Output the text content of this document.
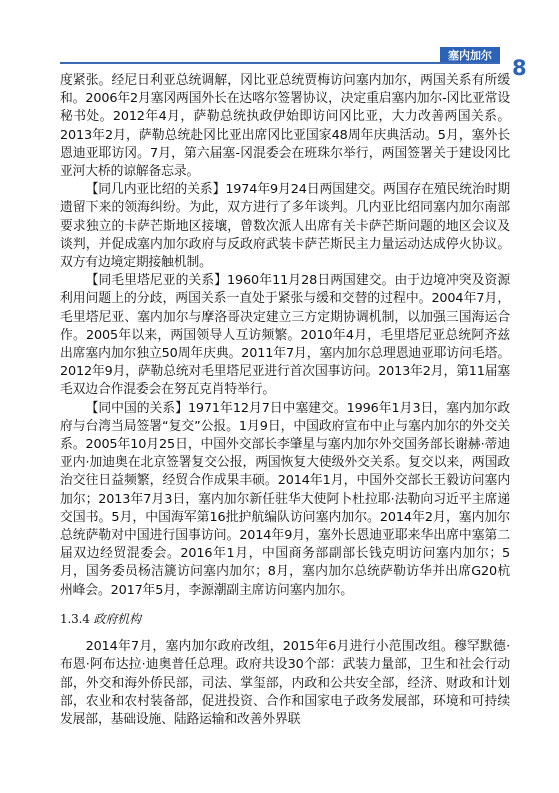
塞内加尔
8

度紧张。经尼日利亚总统调解，冈比亚总统贾梅访问塞内加尔，两国关系有所缓和。2006年2月塞冈两国外长在达喀尔签署协议，决定重启塞内加尔-冈比亚常设秘书处。2012年4月，萨勒总统执政伊始即访问冈比亚，大力改善两国关系。2013年2月，萨勒总统赴冈比亚出席冈比亚国家48周年庆典活动。5月，塞外长恩迪亚耶访冈。7月，第六届塞-冈混委会在班珠尔举行，两国签署关于建设冈比亚河大桥的谅解备忘录。

【同几内亚比绍的关系】1974年9月24日两国建交。两国存在殖民统治时期遗留下来的领海纠纷。为此，双方进行了多年谈判。几内亚比绍同塞内加尔南部要求独立的卡萨芒斯地区接壤，曾数次派人出席有关卡萨芒斯问题的地区会议及谈判，并促成塞内加尔政府与反政府武装卡萨芒斯民主力量运动达成停火协议。双方有边境定期接触机制。

【同毛里塔尼亚的关系】1960年11月28日两国建交。由于边境冲突及资源利用问题上的分歧，两国关系一直处于紧张与缓和交替的过程中。2004年7月，毛里塔尼亚、塞内加尔与摩洛哥决定建立三方定期协调机制，以加强三国海运合作。2005年以来，两国领导人互访频繁。2010年4月，毛里塔尼亚总统阿齐兹出席塞内加尔独立50周年庆典。2011年7月，塞内加尔总理恩迪亚耶访问毛塔。2012年9月，萨勒总统对毛里塔尼亚进行首次国事访问。2013年2月，第11届塞毛双边合作混委会在努瓦克肖特举行。

【同中国的关系】1971年12月7日中塞建交。1996年1月3日，塞内加尔政府与台湾当局签署“复交”公报。1月9日，中国政府宣布中止与塞内加尔的外交关系。2005年10月25日，中国外交部长李肇星与塞内加尔外交国务部长谢赫·蒂迪亚内·加迪奥在北京签署复交公报，两国恢复大使级外交关系。复交以来，两国政治交往日益频繁，经贸合作成果丰硕。2014年1月，中国外交部长王毅访问塞内加尔；2013年7月3日，塞内加尔新任驻华大使阿卜杜拉耶·法勒向习近平主席递交国书。5月，中国海军第16批护航编队访问塞内加尔。2014年2月，塞内加尔总统萨勒对中国进行国事访问。2014年9月，塞外长恩迪亚耶来华出席中塞第二届双边经贸混委会。2016年1月，中国商务部副部长钱克明访问塞内加尔；5月，国务委员杨洁篪访问塞内加尔；8月，塞内加尔总统萨勒访华并出席G20杭州峰会。2017年5月，李源潮副主席访问塞内加尔。

1.3.4 政府机构

2014年7月，塞内加尔政府改组，2015年6月进行小范围改组。穆罕默德·布恩·阿布达拉·迪奥普任总理。政府共设30个部：武装力量部，卫生和社会行动部，外交和海外侨民部，司法、掌玺部，内政和公共安全部，经济、财政和计划部，农业和农村装备部，促进投资、合作和国家电子政务发展部，环境和可持续发展部，基础设施、陆路运输和改善外界联
